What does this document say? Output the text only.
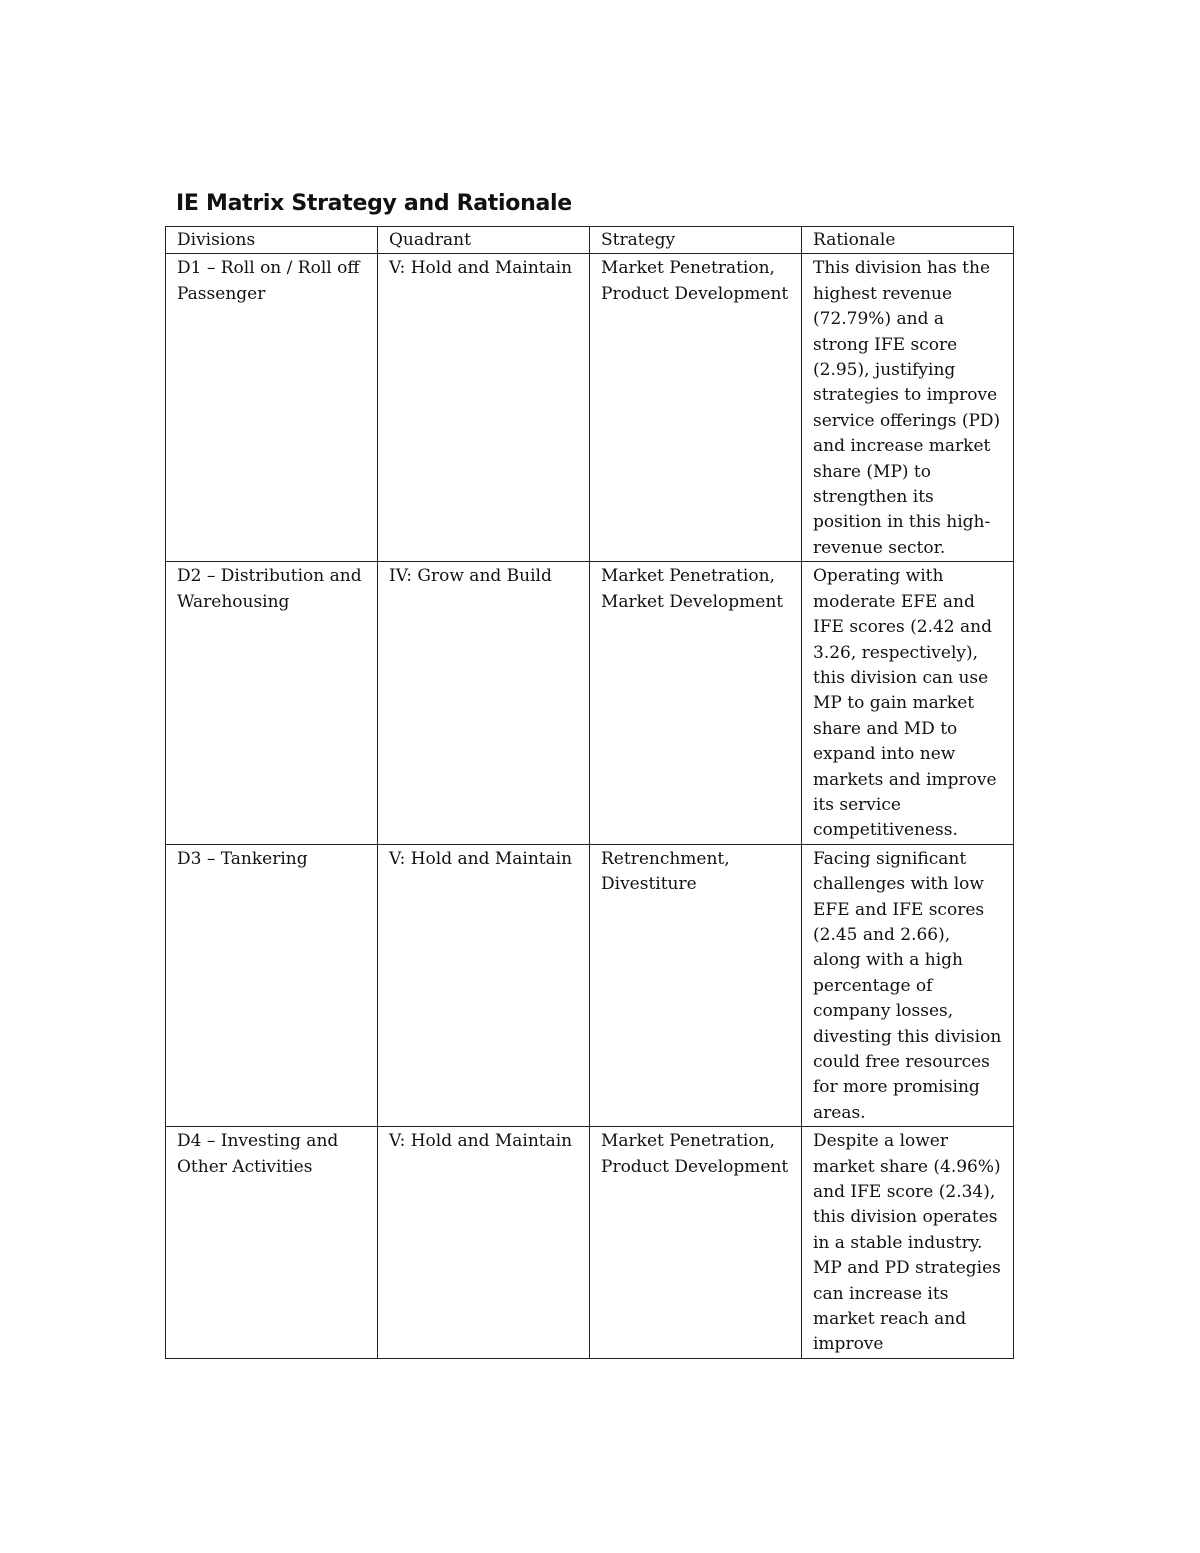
IE Matrix Strategy and Rationale
Divisions	Quadrant	Strategy	Rationale
D1 – Roll on / Roll off Passenger	V: Hold and Maintain	Market Penetration, Product Development	This division has the highest revenue (72.79%) and a strong IFE score (2.95), justifying strategies to improve service offerings (PD) and increase market share (MP) to strengthen its position in this high-revenue sector.
D2 – Distribution and Warehousing	IV: Grow and Build	Market Penetration, Market Development	Operating with moderate EFE and IFE scores (2.42 and 3.26, respectively), this division can use MP to gain market share and MD to expand into new markets and improve its service competitiveness.
D3 – Tankering	V: Hold and Maintain	Retrenchment, Divestiture	Facing significant challenges with low EFE and IFE scores (2.45 and 2.66), along with a high percentage of company losses, divesting this division could free resources for more promising areas.
D4 – Investing and Other Activities	V: Hold and Maintain	Market Penetration, Product Development	Despite a lower market share (4.96%) and IFE score (2.34), this division operates in a stable industry. MP and PD strategies can increase its market reach and improve
